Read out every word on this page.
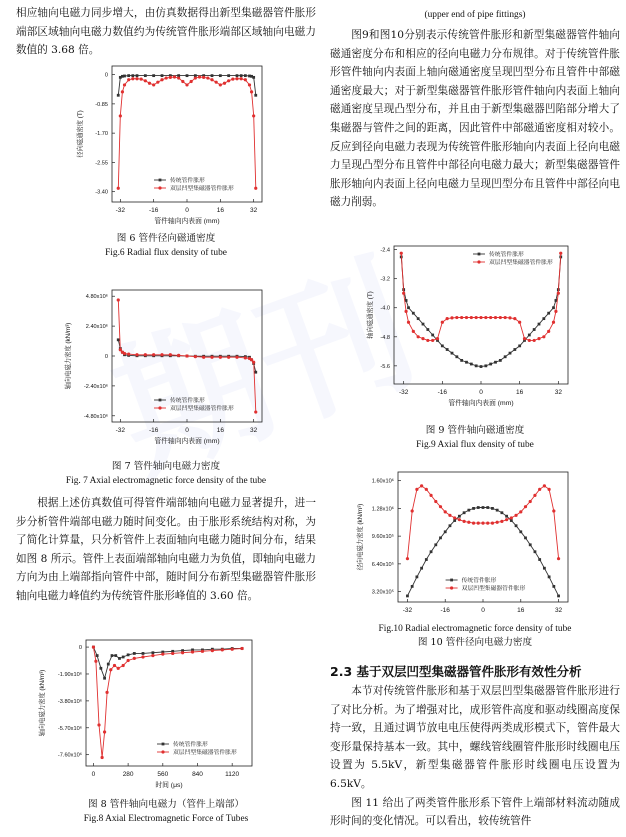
相应轴向电磁力同步增大，由仿真数据得出新型集磁器管件胀形端部区域轴向电磁力数值约为传统管件胀形端部区域轴向电磁力数值的 3.68 倍。

-32	-16	0	16	32
0
-0.85
-1.70
-2.55
-3.40
管件轴向内表面 (mm)
径向磁通密度 (T)
传统管件胀形
双层凹型集磁器管件胀形
图 6 管件径向磁通密度
Fig.6 Radial flux density of tube
-32	-16	0	16	32
4.80x10⁶
2.40x10⁶
0
-2.40x10⁶
-4.80x10⁶
管件轴向内表面 (mm)
轴向电磁力密度 (kN/m³)
传统管件胀形
双层凹型集磁器管件胀形
图 7 管件轴向电磁力密度
Fig. 7 Axial electromagnetic force density of the tube

根据上述仿真数值可得管件端部轴向电磁力显著提升，进一步分析管件端部电磁力随时间变化。由于胀形系统结构对称，为了简化计算量，只分析管件上表面轴向电磁力随时间分布，结果如图 8 所示。管件上表面端部轴向电磁力为负值，即轴向电磁力方向为由上端部指向管件中部，随时间分布新型集磁器管件胀形轴向电磁力峰值约为传统管件胀形峰值的 3.60 倍。

0	280	560	840	1120
0
-1.90x10⁶
-3.80x10⁶
-5.70x10⁶
-7.60x10⁶
时间 (μs)
轴向电磁力密度 (kN/m³)
传统管件胀形
双层凹型集磁器管件胀形
图 8 管件轴向电磁力（管件上端部）
Fig.8 Axial Electromagnetic Force of Tubes
(upper end of pipe fittings)

图9和图10分别表示传统管件胀形和新型集磁器管件轴向磁通密度分布和相应的径向电磁力分布规律。对于传统管件胀形管件轴向内表面上轴向磁通密度呈现凹型分布且管件中部磁通密度最大；对于新型集磁器管件胀形管件轴向内表面上轴向磁通密度呈现凸型分布，并且由于新型集磁器凹陷部分增大了集磁器与管件之间的距离，因此管件中部磁通密度相对较小。反应到径向电磁力表现为传统管件胀形轴向内表面上径向电磁力呈现凸型分布且管件中部径向电磁力最大；新型集磁器管件胀形轴向内表面上径向电磁力呈现凹型分布且管件中部径向电磁力削弱。

-32	-16	0	16	32
-2.4
-3.2
-4.0
-4.8
-5.6
管件轴向内表面 (mm)
轴向磁通密度 (T)
传统管件胀形
双层凹型集磁器管件胀形
图 9 管件轴向磁通密度
Fig.9 Axial flux density of tube
-32	-16	0	16	32
1.60x10⁶
1.28x10⁶
9.60x10⁵
6.40x10⁵
3.20x10⁵
径向电磁力密度 (kN/m³)
传统管件胀形
双层凹型集磁器管件胀形
Fig.10 Radial electromagnetic force density of tube
图 10 管件径向电磁力密度
2.3 基于双层凹型集磁器管件胀形有效性分析

本节对传统管件胀形和基于双层凹型集磁器管件胀形进行了对比分析。为了增强对比，成形管件高度和驱动线圈高度保持一致，且通过调节放电电压使得两类成形模式下，管件最大变形量保持基本一致。其中，螺线管线圈管件胀形时线圈电压设置为 5.5kV，新型集磁器管件胀形时线圈电压设置为 6.5kV。

图 11 给出了两类管件胀形系下管件上端部材料流动随成形时间的变化情况。可以看出，较传统管件
